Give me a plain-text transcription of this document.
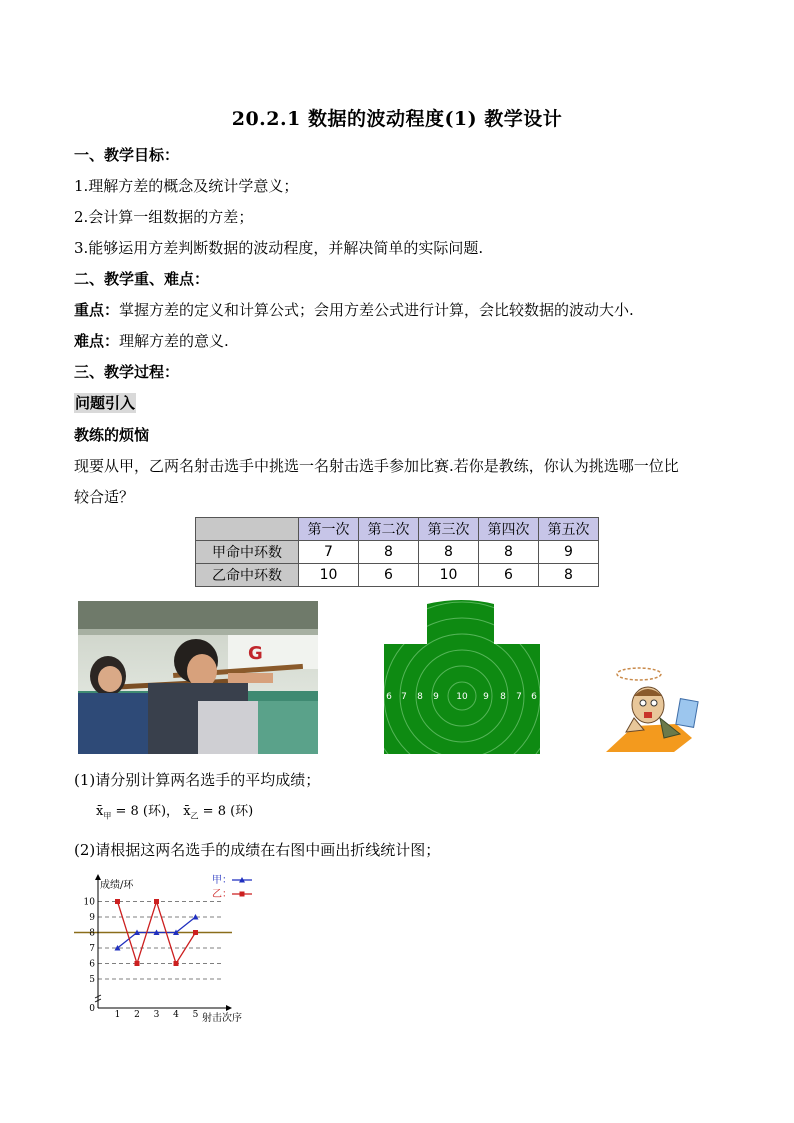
20.2.1 数据的波动程度(1) 教学设计
一、教学目标：
1.理解方差的概念及统计学意义；
2.会计算一组数据的方差；
3.能够运用方差判断数据的波动程度，并解决简单的实际问题.
二、教学重、难点：
重点：掌握方差的定义和计算公式；会用方差公式进行计算，会比较数据的波动大小.
难点：理解方差的意义.
三、教学过程：
问题引入
教练的烦恼
现要从甲，乙两名射击选手中挑选一名射击选手参加比赛.若你是教练，你认为挑选哪一位比
较合适？
	第一次	第二次	第三次	第四次	第五次
甲命中环数	7	8	8	8	9
乙命中环数	10	6	10	6	8
G
6 7 8 9 10 9 8 7 6
(1)请分别计算两名选手的平均成绩；
$x̄_甲 = 8$ (环)， $x̄_乙 = 8$ (环)
(2)请根据这两名选手的成绩在右图中画出折线统计图；
0
5
6
7
8
9
10
1 2 3 4 5
成绩/环
射击次序
甲：
乙：
